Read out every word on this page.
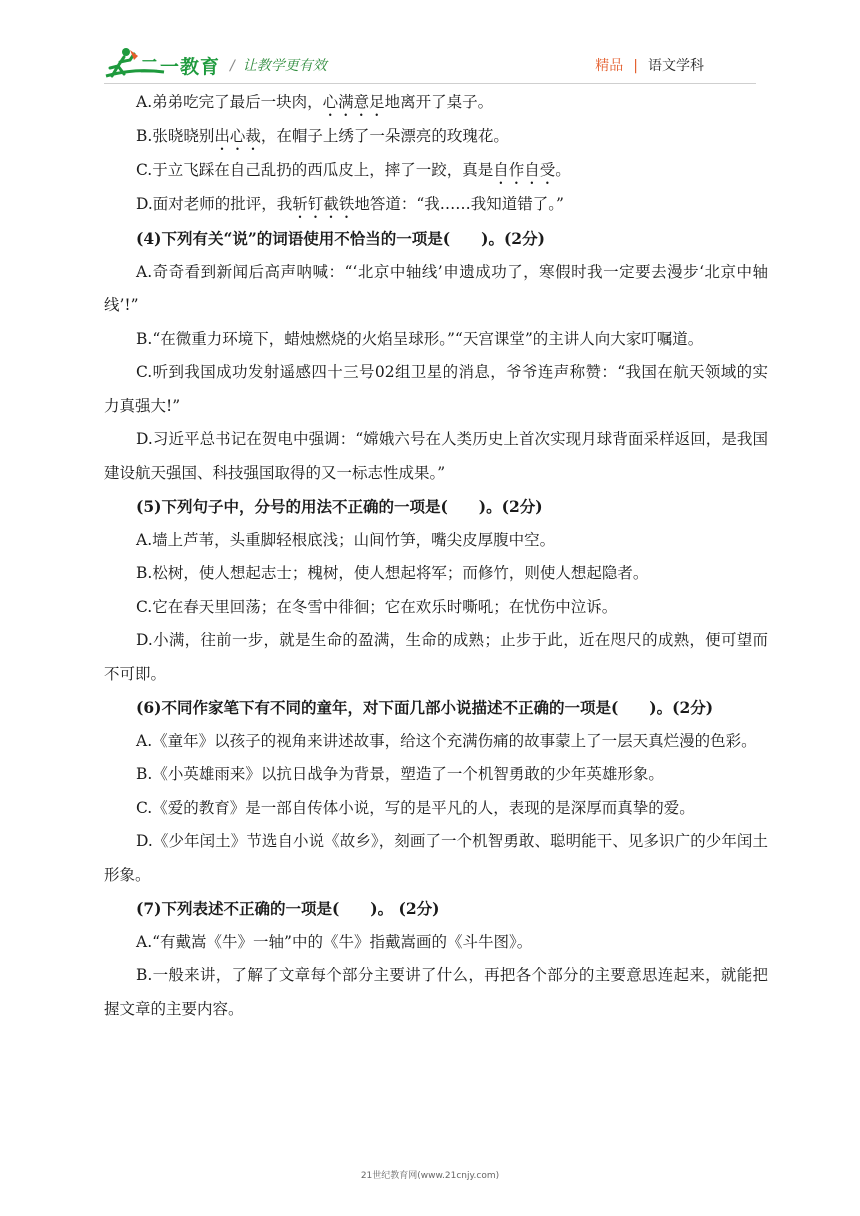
二一教育 / 让教学更有效	精品 | 语文学科

A.弟弟吃完了最后一块肉，心满意足地离开了桌子。

B.张晓晓别出心裁，在帽子上绣了一朵漂亮的玫瑰花。

C.于立飞踩在自己乱扔的西瓜皮上，摔了一跤，真是自作自受。

D.面对老师的批评，我斩钉截铁地答道：“我……我知道错了。”

(4)下列有关“说”的词语使用不恰当的一项是(　　)。(2分)

A.奇奇看到新闻后高声呐喊：“‘北京中轴线’申遗成功了，寒假时我一定要去漫步‘北京中轴线’!”

B.“在微重力环境下，蜡烛燃烧的火焰呈球形。”“天宫课堂”的主讲人向大家叮嘱道。

C.听到我国成功发射遥感四十三号02组卫星的消息，爷爷连声称赞：“我国在航天领域的实力真强大!”

D.习近平总书记在贺电中强调：“嫦娥六号在人类历史上首次实现月球背面采样返回，是我国建设航天强国、科技强国取得的又一标志性成果。”

(5)下列句子中，分号的用法不正确的一项是(　　)。(2分)

A.墙上芦苇，头重脚轻根底浅；山间竹笋，嘴尖皮厚腹中空。

B.松树，使人想起志士；槐树，使人想起将军；而修竹，则使人想起隐者。

C.它在春天里回荡；在冬雪中徘徊；它在欢乐时嘶吼；在忧伤中泣诉。

D.小满，往前一步，就是生命的盈满，生命的成熟；止步于此，近在咫尺的成熟，便可望而不可即。

(6)不同作家笔下有不同的童年，对下面几部小说描述不正确的一项是(　　)。(2分)

A.《童年》以孩子的视角来讲述故事，给这个充满伤痛的故事蒙上了一层天真烂漫的色彩。

B.《小英雄雨来》以抗日战争为背景，塑造了一个机智勇敢的少年英雄形象。

C.《爱的教育》是一部自传体小说，写的是平凡的人，表现的是深厚而真挚的爱。

D.《少年闰土》节选自小说《故乡》，刻画了一个机智勇敢、聪明能干、见多识广的少年闰土形象。

(7)下列表述不正确的一项是(　　)。 (2分)

A.“有戴嵩《牛》一轴”中的《牛》指戴嵩画的《斗牛图》。

B.一般来讲，了解了文章每个部分主要讲了什么，再把各个部分的主要意思连起来，就能把握文章的主要内容。

21世纪教育网(www.21cnjy.com)
